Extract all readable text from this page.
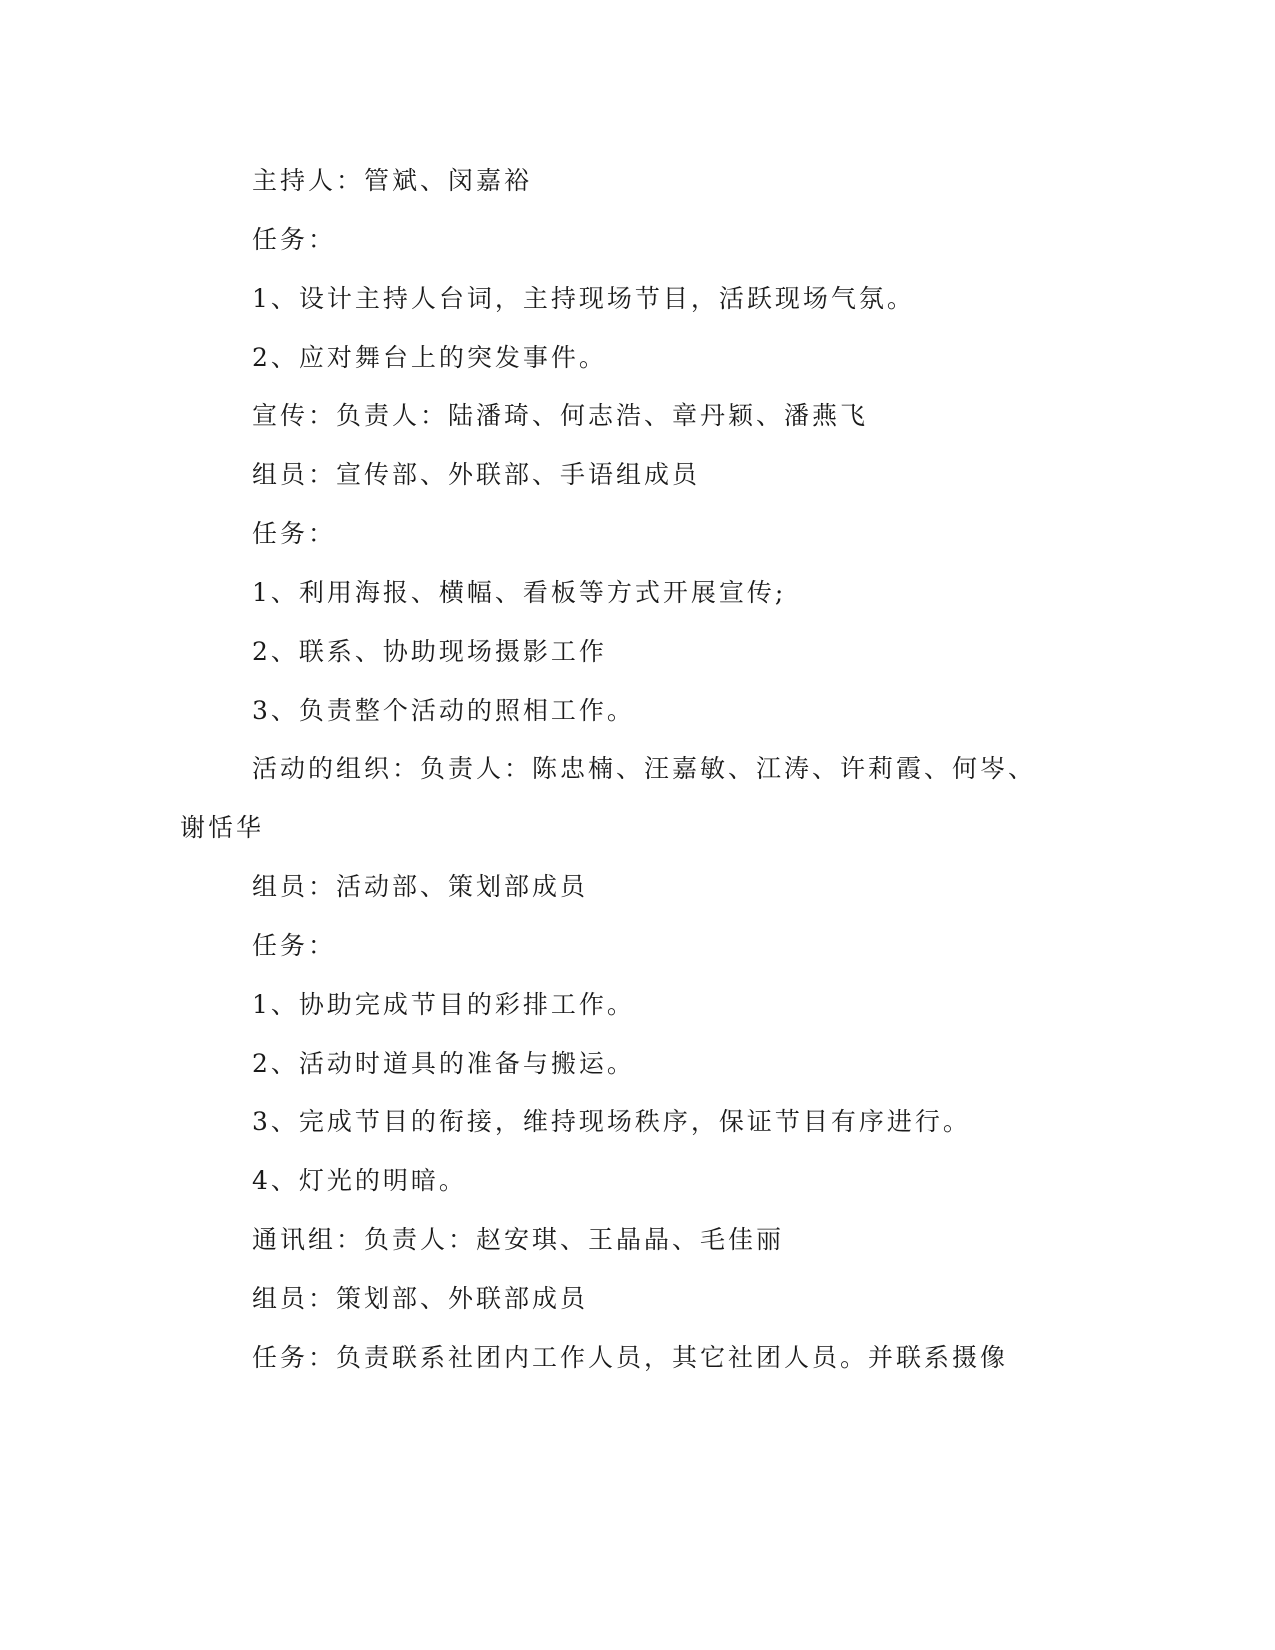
主持人：管斌、闵嘉裕
任务：
1、设计主持人台词，主持现场节目，活跃现场气氛。
2、应对舞台上的突发事件。
宣传：负责人：陆潘琦、何志浩、章丹颖、潘燕飞
组员：宣传部、外联部、手语组成员
任务：
1、利用海报、横幅、看板等方式开展宣传;
2、联系、协助现场摄影工作
3、负责整个活动的照相工作。
活动的组织：负责人：陈忠楠、汪嘉敏、江涛、许莉霞、何岑、
谢恬华
组员：活动部、策划部成员
任务：
1、协助完成节目的彩排工作。
2、活动时道具的准备与搬运。
3、完成节目的衔接，维持现场秩序，保证节目有序进行。
4、灯光的明暗。
通讯组：负责人：赵安琪、王晶晶、毛佳丽
组员：策划部、外联部成员
任务：负责联系社团内工作人员，其它社团人员。并联系摄像
